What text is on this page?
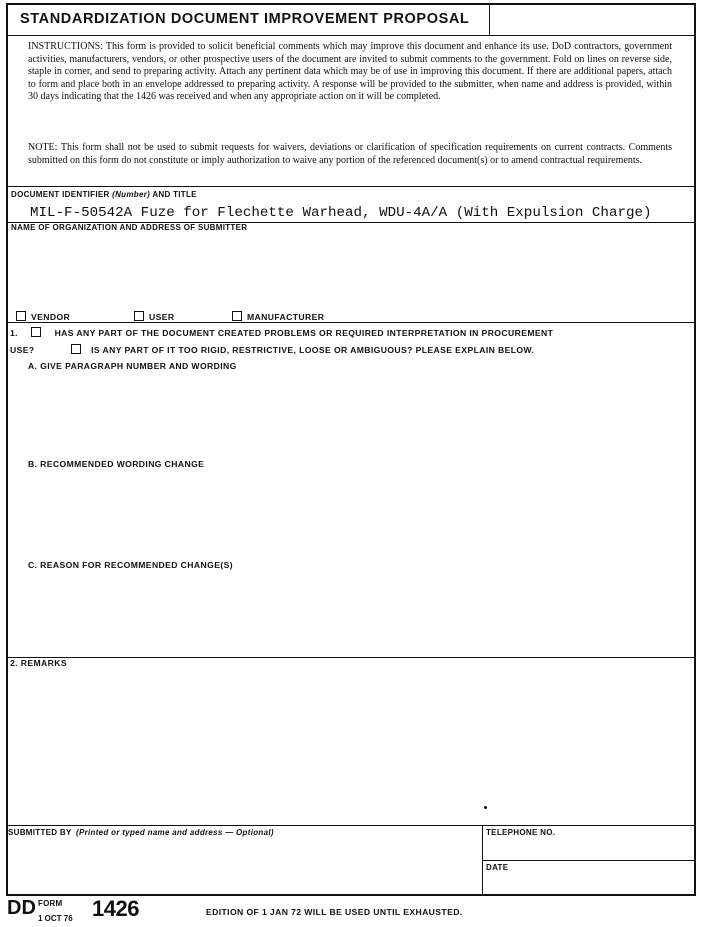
STANDARDIZATION DOCUMENT IMPROVEMENT PROPOSAL
INSTRUCTIONS: This form is provided to solicit beneficial comments which may improve this document and enhance its use. DoD contractors, government activities, manufacturers, vendors, or other prospective users of the document are invited to submit comments to the government. Fold on lines on reverse side, staple in corner, and send to preparing activity. Attach any pertinent data which may be of use in improving this document. If there are additional papers, attach to form and place both in an envelope addressed to preparing activity. A response will be provided to the submitter, when name and address is provided, within 30 days indicating that the 1426 was received and when any appropriate action on it will be completed.
NOTE: This form shall not be used to submit requests for waivers, deviations or clarification of specification requirements on current contracts. Comments submitted on this form do not constitute or imply authorization to waive any portion of the referenced document(s) or to amend contractual requirements.
DOCUMENT IDENTIFIER (Number) AND TITLE
MIL-F-50542A Fuze for Flechette Warhead, WDU-4A/A (With Expulsion Charge)
NAME OF ORGANIZATION AND ADDRESS OF SUBMITTER
VENDOR	USER	MANUFACTURER
1.	HAS ANY PART OF THE DOCUMENT CREATED PROBLEMS OR REQUIRED INTERPRETATION IN PROCUREMENT
USE?	IS ANY PART OF IT TOO RIGID, RESTRICTIVE, LOOSE OR AMBIGUOUS? PLEASE EXPLAIN BELOW.
A. GIVE PARAGRAPH NUMBER AND WORDING
B. RECOMMENDED WORDING CHANGE
C. REASON FOR RECOMMENDED CHANGE(S)
2. REMARKS
SUBMITTED BY (Printed or typed name and address — Optional)	TELEPHONE NO.
DATE
DD FORM
1 OCT 76 1426	EDITION OF 1 JAN 72 WILL BE USED UNTIL EXHAUSTED.
